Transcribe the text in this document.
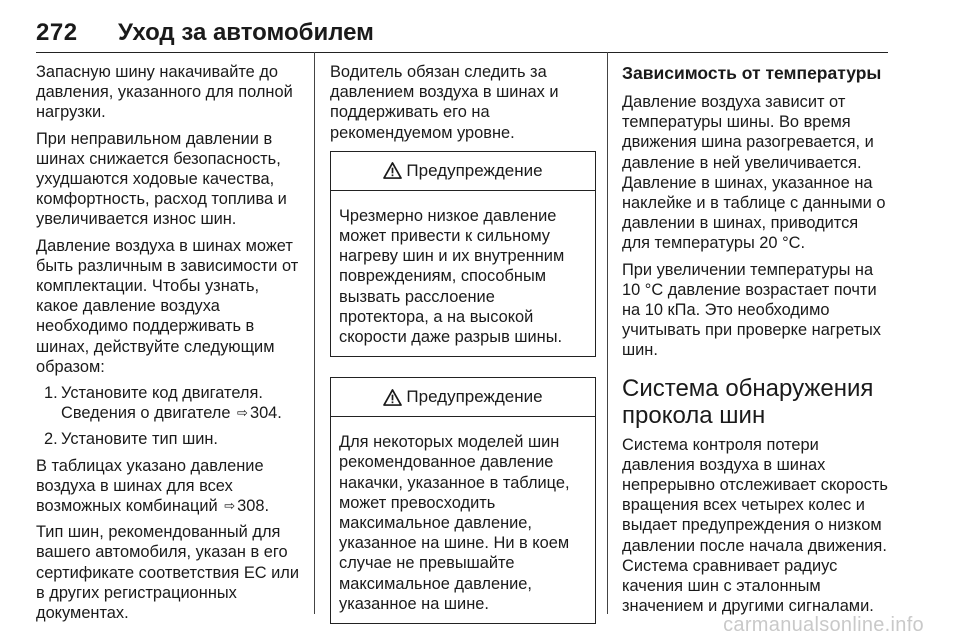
272 Уход за автомобилем

Запасную шину накачивайте до давления, указанного для полной нагрузки.

При неправильном давлении в шинах снижается безопасность, ухудшаются ходовые качества, комфортность, расход топлива и увеличивается износ шин.

Давление воздуха в шинах может быть различным в зависимости от комплектации. Чтобы узнать, какое давление воздуха необходимо поддерживать в шинах, действуйте следующим образом:

1. Установите код двигателя. Сведения о двигателе ⇨ 304.
2. Установите тип шин.

В таблицах указано давление воздуха в шинах для всех возможных комбинаций ⇨ 308.

Тип шин, рекомендованный для вашего автомобиля, указан в его сертификате соответствия ЕС или в других регистрационных документах.

Водитель обязан следить за давлением воздуха в шинах и поддерживать его на рекомендуемом уровне.

Предупреждение
Чрезмерно низкое давление может привести к сильному нагреву шин и их внутренним повреждениям, способным вызвать расслоение протектора, а на высокой скорости даже разрыв шины.
Предупреждение
Для некоторых моделей шин рекомендованное давление накачки, указанное в таблице, может превосходить максимальное давление, указанное на шине. Ни в коем случае не превышайте максимальное давление, указанное на шине.
Зависимость от температуры

Давление воздуха зависит от температуры шины. Во время движения шина разогревается, и давление в ней увеличивается. Давление в шинах, указанное на наклейке и в таблице с данными о давлении в шинах, приводится для температуры 20 °C.

При увеличении температуры на 10 °C давление возрастает почти на 10 кПа. Это необходимо учитывать при проверке нагретых шин.

Система обнаружения прокола шин

Система контроля потери давления воздуха в шинах непрерывно отслеживает скорость вращения всех четырех колес и выдает предупреждения о низком давлении после начала движения. Система сравнивает радиус качения шин с эталонным значением и другими сигналами.

carmanualsonline.info
